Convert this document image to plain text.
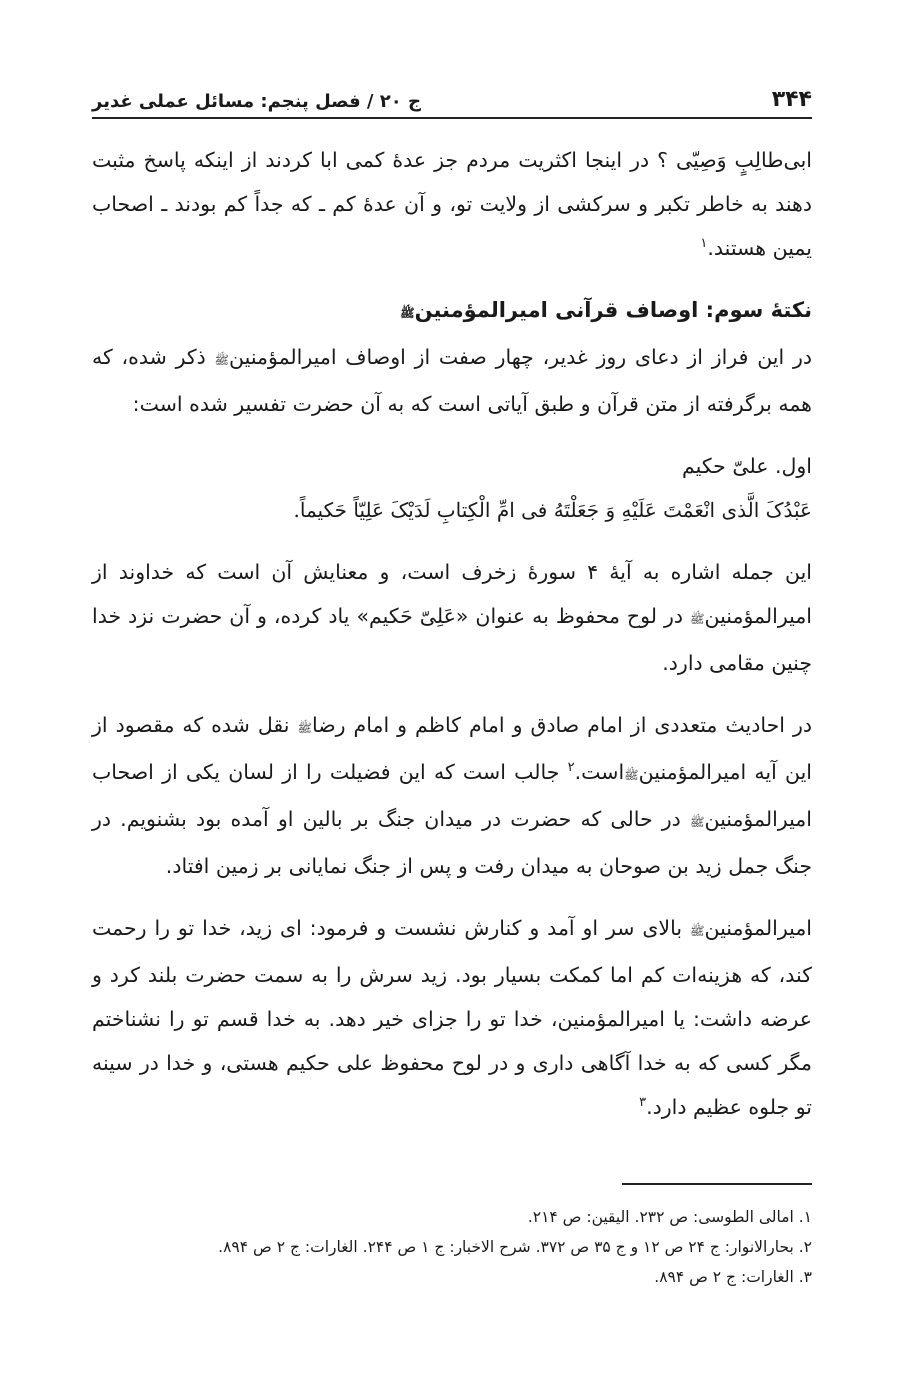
۳۴۴
ج ۲۰ / فصل پنجم: مسائل عملی غدیر

ابی‌طالِبٍ وَصِیّی ؟ در اینجا اکثریت مردم جز عدهٔ کمی ابا کردند از اینکه پاسخ مثبت دهند به خاطر تکبر و سرکشی از ولایت تو، و آن عدهٔ کم ـ که جداً کم بودند ـ اصحاب یمین هستند.$^۱$

نکتهٔ سوم: اوصاف قرآنی امیرالمؤمنینﷺ

در این فراز از دعای روز غدیر، چهار صفت از اوصاف امیرالمؤمنینﷺ ذکر شده، که همه برگرفته از متن قرآن و طبق آیاتی است که به آن حضرت تفسیر شده است:

اول. علیّ حکیم

عَبْدُکَ الَّذی انْعَمْتَ عَلَیْهِ وَ جَعَلْتَهُ فی امِّ الْکِتابِ لَدَیْکَ عَلِیّاً حَکیماً.

این جمله اشاره به آیهٔ ۴ سورهٔ زخرف است، و معنایش آن است که خداوند از امیرالمؤمنینﷺ در لوح محفوظ به عنوان «عَلِیّ حَکیم» یاد کرده، و آن حضرت نزد خدا چنین مقامی دارد.

در احادیث متعددی از امام صادق و امام کاظم و امام رضاﷺ نقل شده که مقصود از این آیه امیرالمؤمنینﷺاست.$^۲$ جالب است که این فضیلت را از لسان یکی از اصحاب امیرالمؤمنینﷺ در حالی که حضرت در میدان جنگ بر بالین او آمده بود بشنویم. در جنگ جمل زید بن صوحان به میدان رفت و پس از جنگ نمایانی بر زمین افتاد.

امیرالمؤمنینﷺ بالای سر او آمد و کنارش نشست و فرمود: ای زید، خدا تو را رحمت کند، که هزینه‌ات کم اما کمکت بسیار بود. زید سرش را به سمت حضرت بلند کرد و عرضه داشت: یا امیرالمؤمنین، خدا تو را جزای خیر دهد. به خدا قسم تو را نشناختم مگر کسی که به خدا آگاهی داری و در لوح محفوظ علی حکیم هستی، و خدا در سینه تو جلوه عظیم دارد.$^۳$

۱. امالی الطوسی: ص ۲۳۲. الیقین: ص ۲۱۴.
۲. بحارالانوار: ج ۲۴ ص ۱۲ و ج ۳۵ ص ۳۷۲. شرح الاخبار: ج ۱ ص ۲۴۴. الغارات: ج ۲ ص ۸۹۴.
۳. الغارات: ج ۲ ص ۸۹۴.
